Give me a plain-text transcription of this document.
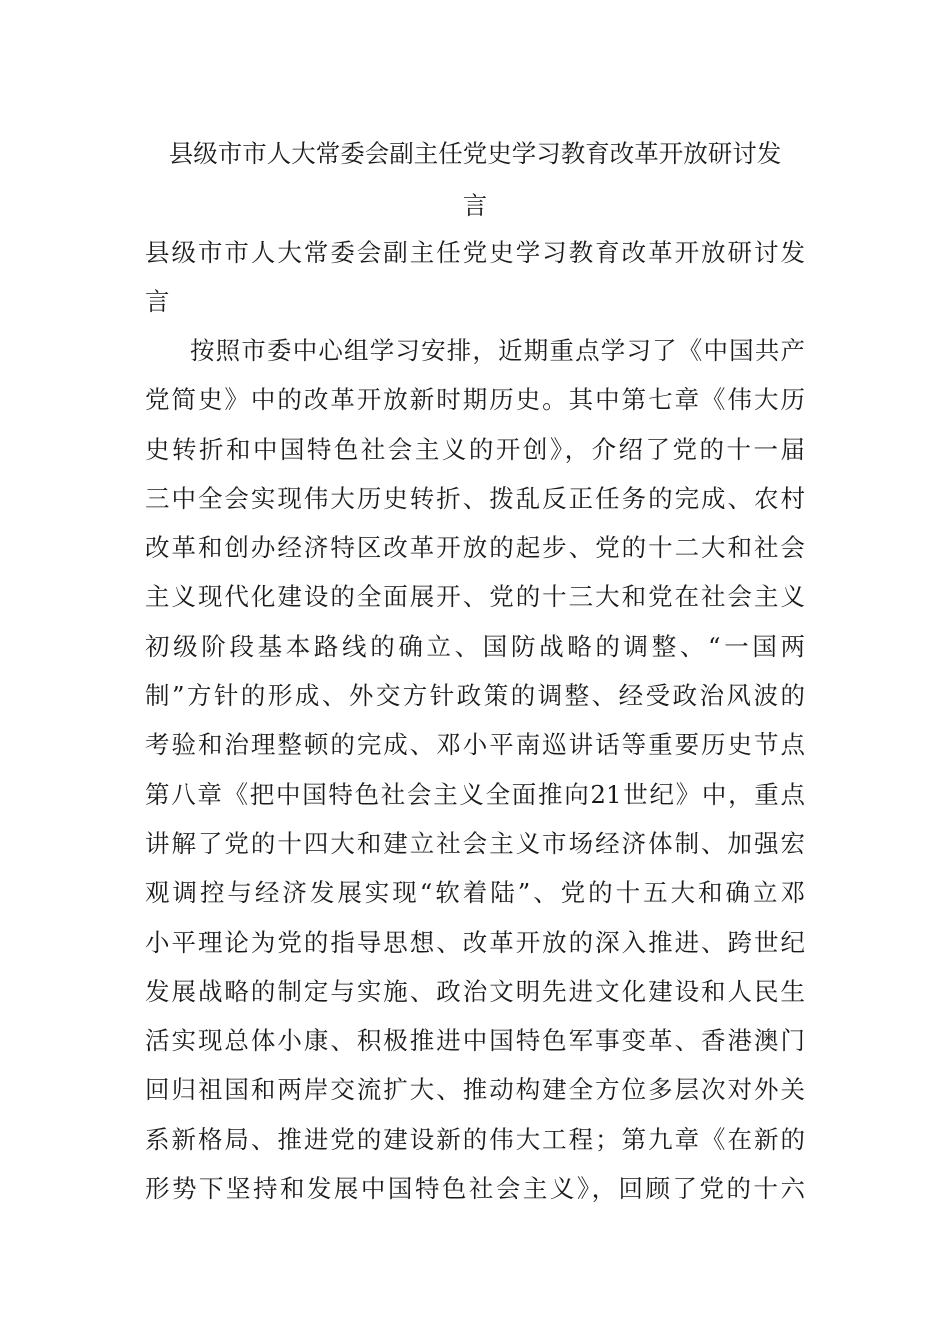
县级市市人大常委会副主任党史学习教育改革开放研讨发
言
县级市市人大常委会副主任党史学习教育改革开放研讨发
言
按照市委中心组学习安排，近期重点学习了《中国共产
党简史》中的改革开放新时期历史。其中第七章《伟大历
史转折和中国特色社会主义的开创》，介绍了党的十一届
三中全会实现伟大历史转折、拨乱反正任务的完成、农村
改革和创办经济特区改革开放的起步、党的十二大和社会
主义现代化建设的全面展开、党的十三大和党在社会主义
初级阶段基本路线的确立、国防战略的调整、“一国两
制”方针的形成、外交方针政策的调整、经受政治风波的
考验和治理整顿的完成、邓小平南巡讲话等重要历史节点
第八章《把中国特色社会主义全面推向21世纪》中，重点
讲解了党的十四大和建立社会主义市场经济体制、加强宏
观调控与经济发展实现“软着陆”、党的十五大和确立邓
小平理论为党的指导思想、改革开放的深入推进、跨世纪
发展战略的制定与实施、政治文明先进文化建设和人民生
活实现总体小康、积极推进中国特色军事变革、香港澳门
回归祖国和两岸交流扩大、推动构建全方位多层次对外关
系新格局、推进党的建设新的伟大工程；第九章《在新的
形势下坚持和发展中国特色社会主义》，回顾了党的十六
